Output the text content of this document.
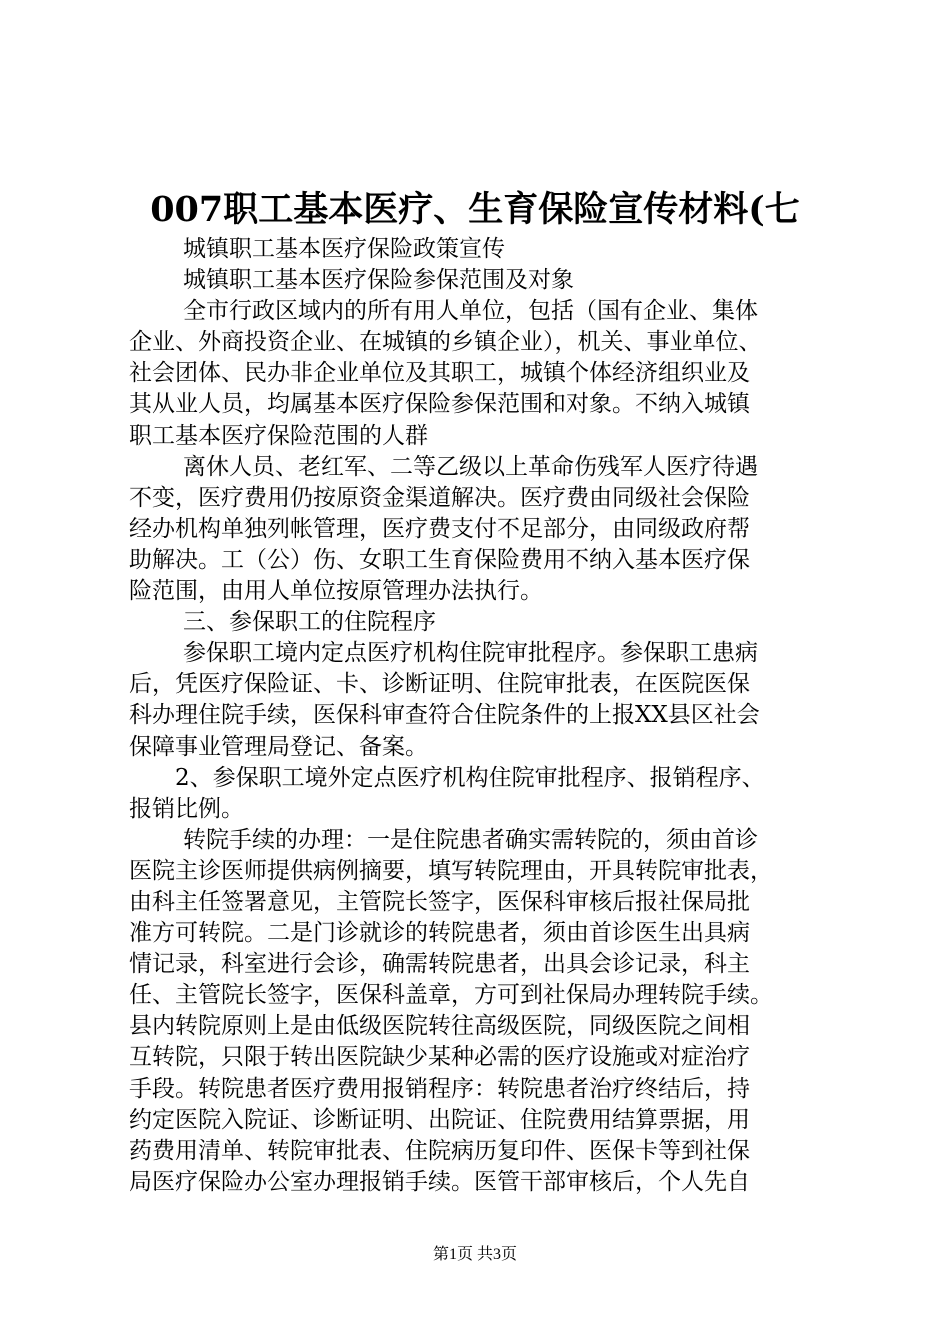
007职工基本医疗、生育保险宣传材料(七
城镇职工基本医疗保险政策宣传
城镇职工基本医疗保险参保范围及对象
全市行政区域内的所有用人单位，包括（国有企业、集体
企业、外商投资企业、在城镇的乡镇企业），机关、事业单位、
社会团体、民办非企业单位及其职工，城镇个体经济组织业及
其从业人员，均属基本医疗保险参保范围和对象。不纳入城镇
职工基本医疗保险范围的人群
离休人员、老红军、二等乙级以上革命伤残军人医疗待遇
不变，医疗费用仍按原资金渠道解决。医疗费由同级社会保险
经办机构单独列帐管理，医疗费支付不足部分，由同级政府帮
助解决。工（公）伤、女职工生育保险费用不纳入基本医疗保
险范围，由用人单位按原管理办法执行。
三、参保职工的住院程序
参保职工境内定点医疗机构住院审批程序。参保职工患病
后，凭医疗保险证、卡、诊断证明、住院审批表，在医院医保
科办理住院手续，医保科审查符合住院条件的上报XX县区社会
保障事业管理局登记、备案。
2、参保职工境外定点医疗机构住院审批程序、报销程序、
报销比例。
转院手续的办理：一是住院患者确实需转院的，须由首诊
医院主诊医师提供病例摘要，填写转院理由，开具转院审批表，
由科主任签署意见，主管院长签字，医保科审核后报社保局批
准方可转院。二是门诊就诊的转院患者，须由首诊医生出具病
情记录，科室进行会诊，确需转院患者，出具会诊记录，科主
任、主管院长签字，医保科盖章，方可到社保局办理转院手续。
县内转院原则上是由低级医院转往高级医院，同级医院之间相
互转院，只限于转出医院缺少某种必需的医疗设施或对症治疗
手段。转院患者医疗费用报销程序：转院患者治疗终结后，持
约定医院入院证、诊断证明、出院证、住院费用结算票据，用
药费用清单、转院审批表、住院病历复印件、医保卡等到社保
局医疗保险办公室办理报销手续。医管干部审核后，个人先自
第1页 共3页
